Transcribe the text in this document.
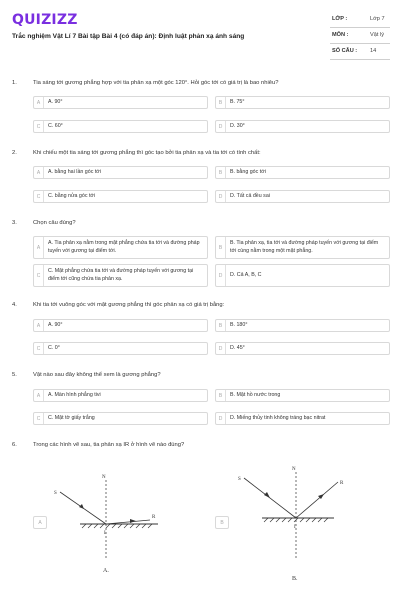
QUIZIZZ
Trắc nghiệm Vật Lí 7 Bài tập Bài 4 (có đáp án): Định luật phản xạ ánh sáng
LỚP :	Lớp 7
MÔN :	Vật lý
SỐ CÂU : 14
1.	Tia sáng tới gương phẳng hợp với tia phản xạ một góc 120°. Hỏi góc tới có giá trị là bao nhiêu?
A	A. 90°	B	B. 75°
C	C. 60°	D	D. 30°
2.	Khi chiếu một tia sáng tới gương phẳng thì góc tạo bởi tia phản xạ và tia tới có tính chất:
A	A. bằng hai lần góc tới	B	B. bằng góc tới
C	C. bằng nửa góc tới	D	D. Tất cả đều sai
3.	Chọn câu đúng?
A
A. Tia phản xạ nằm trong mặt phẳng chứa tia tới và đường pháp tuyến với gương tại điểm tới.	B
B. Tia phản xạ, tia tới và đường pháp tuyến với gương tại điểm tới cùng nằm trong một mặt phẳng.
C
C. Mặt phẳng chứa tia tới và đường pháp tuyến với gương tại điểm tới cũng chứa tia phản xạ.	D	D. Cả A, B, C
4.	Khi tia tới vuông góc với mặt gương phẳng thì góc phản xạ có giá trị bằng:
A	A. 90°	B	B. 180°
C	C. 0°	D	D. 45°
5.	Vật nào sau đây không thể xem là gương phẳng?
A	A. Màn hình phẳng tivi	B	B. Mặt hồ nước trong
C	C. Mặt tờ giấy trắng	D	D. Miếng thủy tinh không tráng bạc nitrat
6.	Trong các hình vẽ sau, tia phản xạ IR ở hình vẽ nào đúng?
A	B
N
S
R
I
A.
N
S
R
I
B.
